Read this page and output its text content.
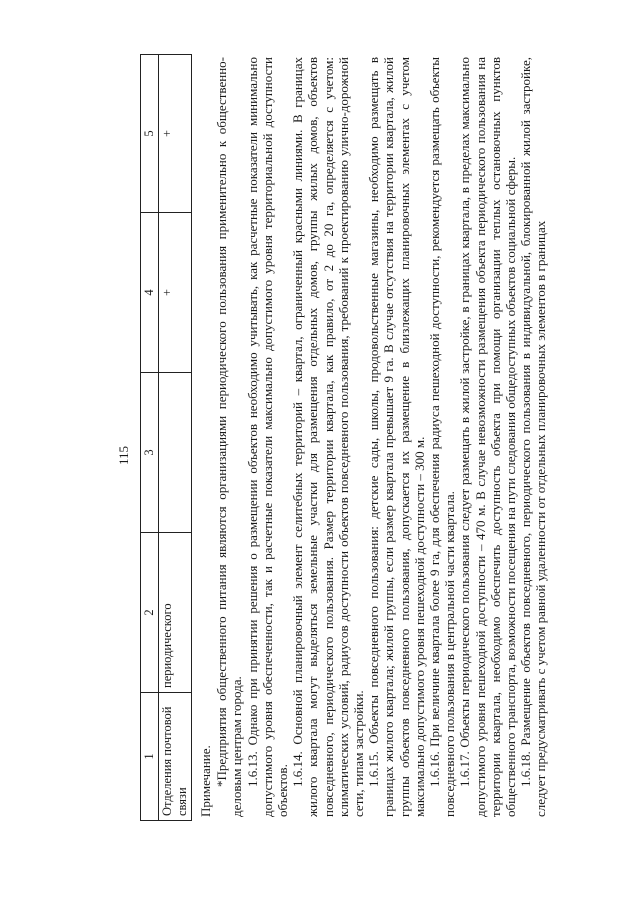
115
1	2	3	4	5
Отделения почтовой связи	периодического		+	+

Примечание. *Предприятия общественного питания являются организациями периодического пользования применительно к общественно-деловым центрам города. 1.6.13. Однако при принятии решения о размещении объектов необходимо учитывать, как расчетные показатели минимально допустимого уровня обеспеченности, так и расчетные показатели максимально допустимого уровня территориальной доступности объектов.

1.6.14. Основной планировочный элемент селитебных территорий – квартал, ограниченный красными линиями. В границах жилого квартала могут выделяться земельные участки для размещения отдельных домов, группы жилых домов, объектов повседневного, периодического пользования. Размер территории квартала, как правило, от 2 до 20 га, определяется с учетом: климатических условий, радиусов доступности объектов повседневного пользования, требований к проектированию улично-дорожной сети, типам застройки. 1.6.15. Объекты повседневного пользования: детские сады, школы, продовольственные магазины, необходимо размещать в границах жилого квартала; жилой группы, если размер квартала превышает 9 га. В случае отсутствия на территории квартала, жилой группы объектов повседневного пользования, допускается их размещение в близлежащих планировочных элементах с учетом максимально допустимого уровня пешеходной доступности – 300 м. 1.6.16. При величине квартала более 9 га, для обеспечения радиуса пешеходной доступности, рекомендуется размещать объекты повседневного пользования в центральной части квартала. 1.6.17. Объекты периодического пользования следует размещать в жилой застройке, в границах квартала, в пределах максимально допустимого уровня пешеходной доступности – 470 м. В случае невозможности размещения объекта периодического пользования на территории квартала, необходимо обеспечить доступность объекта при помощи организации теплых остановочных пунктов общественного транспорта, возможности посещения на пути следования общедоступных объектов социальной сферы. 1.6.18. Размещение объектов повседневного, периодического пользования в индивидуальной, блокированной жилой застройке, следует предусматривать с учетом равной удаленности от отдельных планировочных элементов в границах
